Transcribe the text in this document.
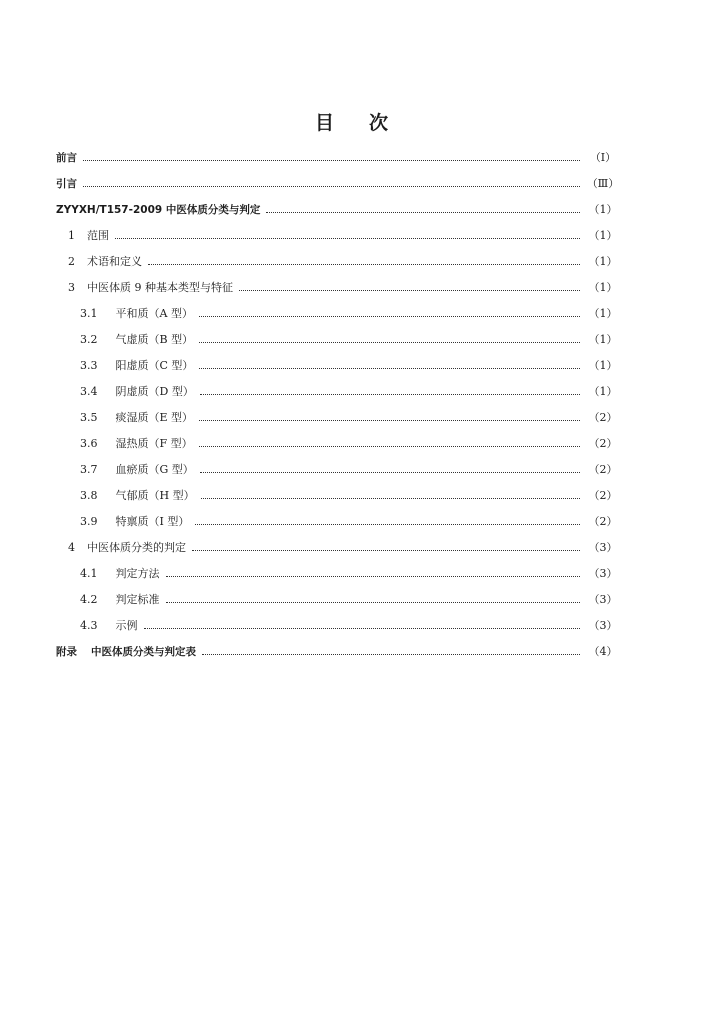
目 次
前言	（Ⅰ）
引言	（Ⅲ）
ZYYXH/T157-2009 中医体质分类与判定	（1）
1 范围	（1）
2 术语和定义	（1）
3 中医体质 9 种基本类型与特征	（1）
3.1 平和质（A 型）	（1）
3.2 气虚质（B 型）	（1）
3.3 阳虚质（C 型）	（1）
3.4 阴虚质（D 型）	（1）
3.5 痰湿质（E 型）	（2）
3.6 湿热质（F 型）	（2）
3.7 血瘀质（G 型）	（2）
3.8 气郁质（H 型）	（2）
3.9 特禀质（I 型）	（2）
4 中医体质分类的判定	（3）
4.1 判定方法	（3）
4.2 判定标准	（3）
4.3 示例	（3）
附录 中医体质分类与判定表	（4）
